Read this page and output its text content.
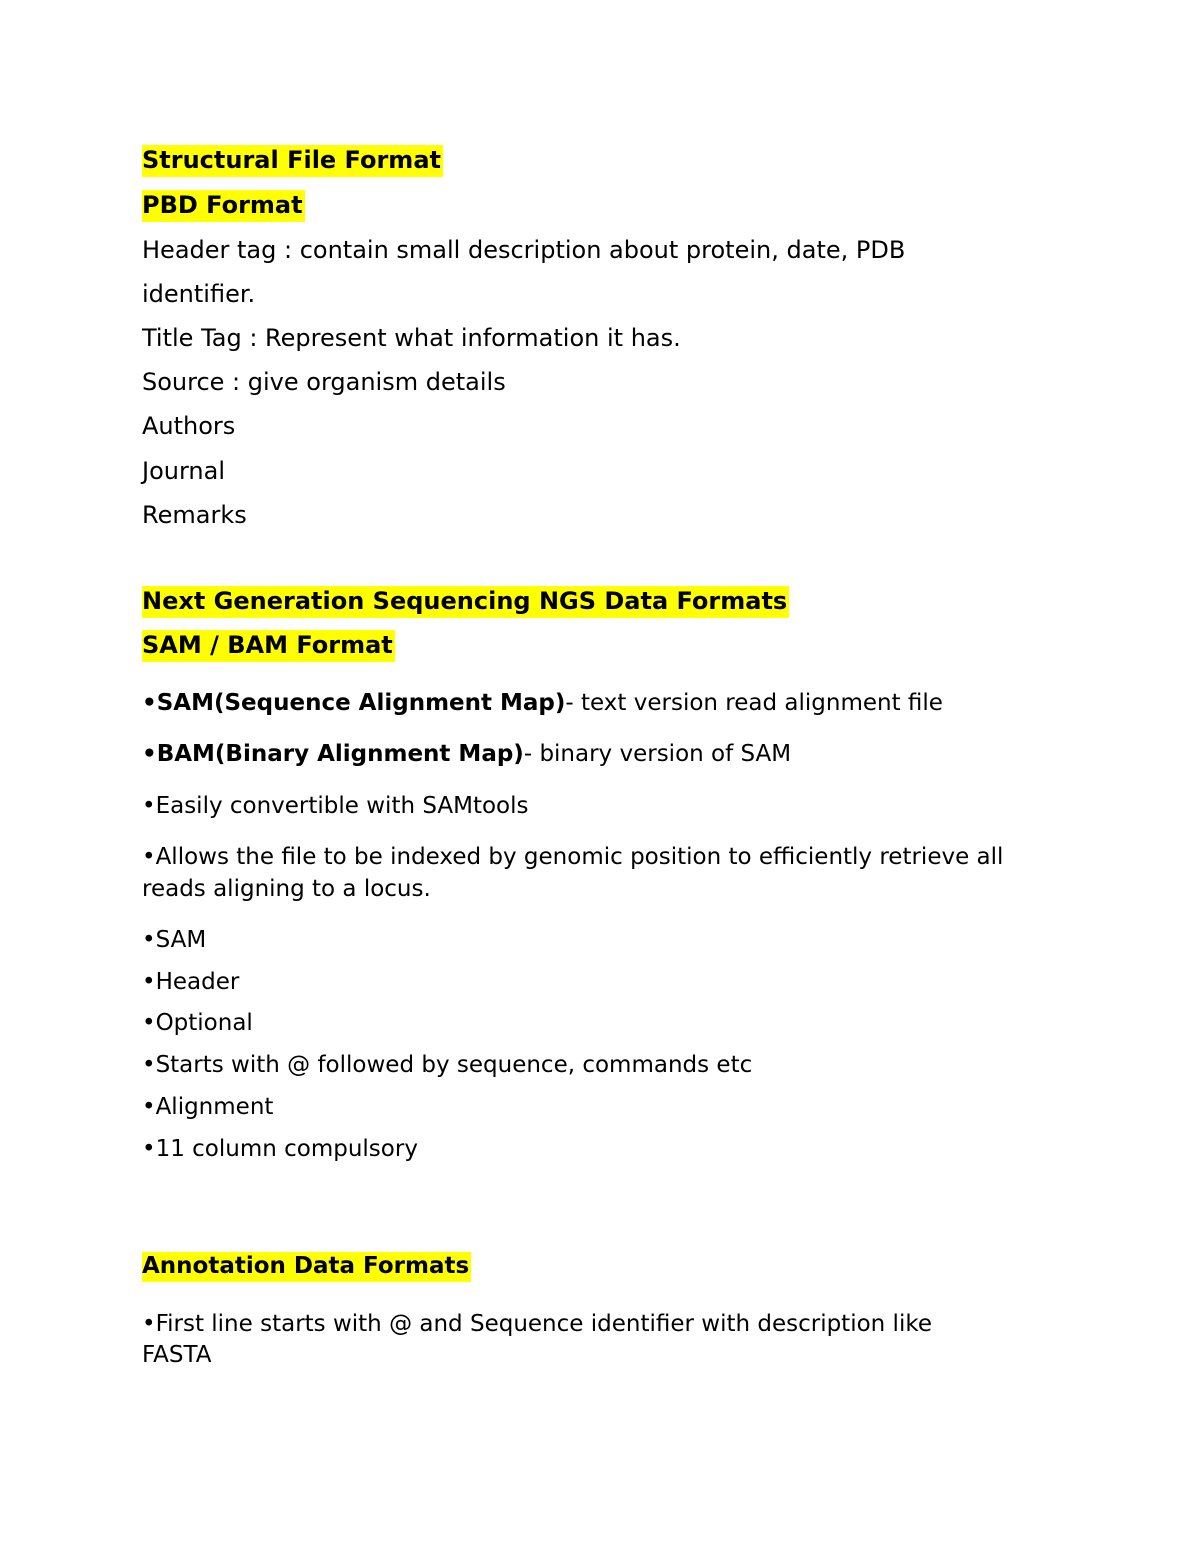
Structural File Format
PBD Format
Header tag : contain small description about protein, date, PDB
identifier.
Title Tag : Represent what information it has.
Source : give organism details
Authors
Journal
Remarks
Next Generation Sequencing NGS Data Formats
SAM / BAM Format
•SAM(Sequence Alignment Map)- text version read alignment file
•BAM(Binary Alignment Map)- binary version of SAM
•Easily convertible with SAMtools
•Allows the file to be indexed by genomic position to efficiently retrieve all
reads aligning to a locus.
•SAM
•Header
•Optional
•Starts with @ followed by sequence, commands etc
•Alignment
•11 column compulsory
Annotation Data Formats
•First line starts with @ and Sequence identifier with description like
FASTA
